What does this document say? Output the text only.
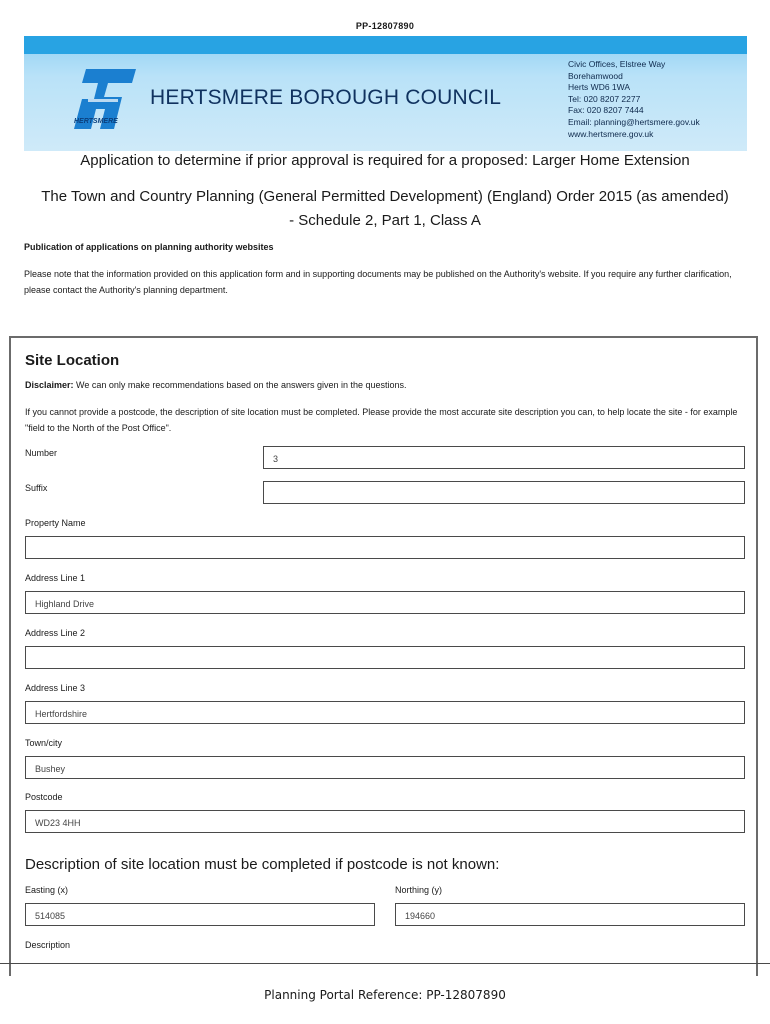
PP-12807890
HERTSMERE
HERTSMERE BOROUGH COUNCIL
Civic Offices, Elstree Way
Borehamwood
Herts WD6 1WA
Tel: 020 8207 2277
Fax: 020 8207 7444
Email: planning@hertsmere.gov.uk
www.hertsmere.gov.uk
Application to determine if prior approval is required for a proposed: Larger Home Extension
The Town and Country Planning (General Permitted Development) (England) Order 2015 (as amended) - Schedule 2, Part 1, Class A
Publication of applications on planning authority websites
Please note that the information provided on this application form and in supporting documents may be published on the Authority's website. If you require any further clarification, please contact the Authority's planning department.
Site Location
Disclaimer: We can only make recommendations based on the answers given in the questions.
If you cannot provide a postcode, the description of site location must be completed. Please provide the most accurate site description you can, to help locate the site - for example "field to the North of the Post Office".
Number
3
Suffix
Property Name
Address Line 1
Highland Drive
Address Line 2
Address Line 3
Hertfordshire
Town/city
Bushey
Postcode
WD23 4HH
Description of site location must be completed if postcode is not known:
Easting (x)
514085
Northing (y)
194660
Description
Planning Portal Reference: PP-12807890
